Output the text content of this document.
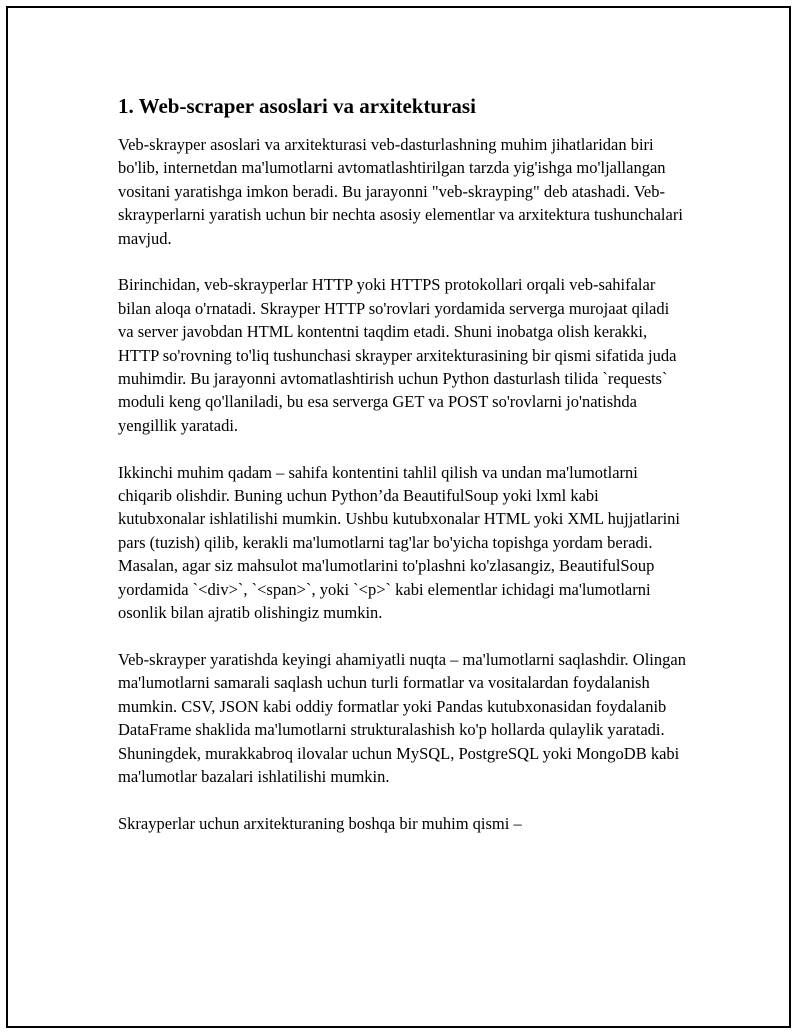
1. Web-scraper asoslari va arxitekturasi

Veb-skrayper asoslari va arxitekturasi veb-dasturlashning muhim jihatlaridan biri bo'lib, internetdan ma'lumotlarni avtomatlashtirilgan tarzda yig'ishga mo'ljallangan vositani yaratishga imkon beradi. Bu jarayonni "veb-skrayping" deb atashadi. Veb-skrayperlarni yaratish uchun bir nechta asosiy elementlar va arxitektura tushunchalari mavjud.

Birinchidan, veb-skrayperlar HTTP yoki HTTPS protokollari orqali veb-sahifalar bilan aloqa o'rnatadi. Skrayper HTTP so'rovlari yordamida serverga murojaat qiladi va server javobdan HTML kontentni taqdim etadi. Shuni inobatga olish kerakki, HTTP so'rovning to'liq tushunchasi skrayper arxitekturasining bir qismi sifatida juda muhimdir. Bu jarayonni avtomatlashtirish uchun Python dasturlash tilida `requests` moduli keng qo'llaniladi, bu esa serverga GET va POST so'rovlarni jo'natishda yengillik yaratadi.

Ikkinchi muhim qadam – sahifa kontentini tahlil qilish va undan ma'lumotlarni chiqarib olishdir. Buning uchun Python’da BeautifulSoup yoki lxml kabi kutubxonalar ishlatilishi mumkin. Ushbu kutubxonalar HTML yoki XML hujjatlarini pars (tuzish) qilib, kerakli ma'lumotlarni tag'lar bo'yicha topishga yordam beradi. Masalan, agar siz mahsulot ma'lumotlarini to'plashni ko'zlasangiz, BeautifulSoup yordamida `<div>`, `<span>`, yoki `<p>` kabi elementlar ichidagi ma'lumotlarni osonlik bilan ajratib olishingiz mumkin.

Veb-skrayper yaratishda keyingi ahamiyatli nuqta – ma'lumotlarni saqlashdir. Olingan ma'lumotlarni samarali saqlash uchun turli formatlar va vositalardan foydalanish mumkin. CSV, JSON kabi oddiy formatlar yoki Pandas kutubxonasidan foydalanib DataFrame shaklida ma'lumotlarni strukturalashish ko'p hollarda qulaylik yaratadi. Shuningdek, murakkabroq ilovalar uchun MySQL, PostgreSQL yoki MongoDB kabi ma'lumotlar bazalari ishlatilishi mumkin.

Skrayperlar uchun arxitekturaning boshqa bir muhim qismi –
